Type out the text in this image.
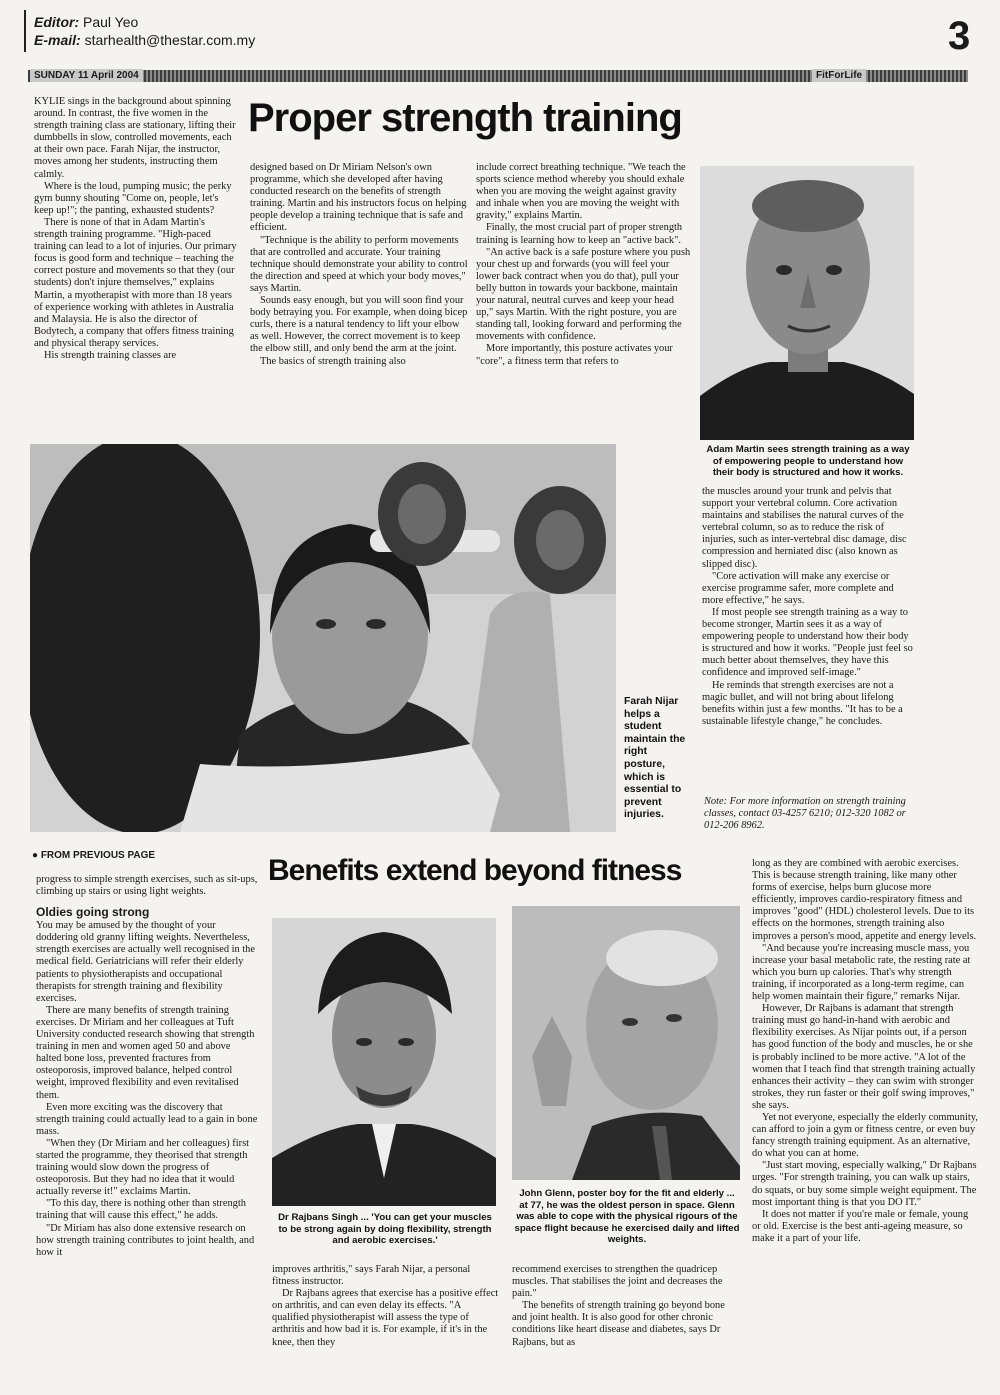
Editor: Paul Yeo
E-mail: starhealth@thestar.com.my	3
SUNDAY 11 April 2004	FitForLife
Proper strength training

KYLIE sings in the background about spinning around. In contrast, the five women in the strength training class are stationary, lifting their dumbbells in slow, controlled movements, each at their own pace. Farah Nijar, the instructor, moves among her students, instructing them calmly.

Where is the loud, pumping music; the perky gym bunny shouting "Come on, people, let's keep up!"; the panting, exhausted students?

There is none of that in Adam Martin's strength training programme. "High-paced training can lead to a lot of injuries. Our primary focus is good form and technique – teaching the correct posture and movements so that they (our students) don't injure themselves," explains Martin, a myotherapist with more than 18 years of experience working with athletes in Australia and Malaysia. He is also the director of Bodytech, a company that offers fitness training and physical therapy services.

His strength training classes are

designed based on Dr Miriam Nelson's own programme, which she developed after having conducted research on the benefits of strength training. Martin and his instructors focus on helping people develop a training technique that is safe and efficient.

"Technique is the ability to perform movements that are controlled and accurate. Your training technique should demonstrate your ability to control the direction and speed at which your body moves," says Martin.

Sounds easy enough, but you will soon find your body betraying you. For example, when doing bicep curls, there is a natural tendency to lift your elbow as well. However, the correct movement is to keep the elbow still, and only bend the arm at the joint.

The basics of strength training also

include correct breathing technique. "We teach the sports science method whereby you should exhale when you are moving the weight against gravity and inhale when you are moving the weight with gravity," explains Martin.

Finally, the most crucial part of proper strength training is learning how to keep an "active back".

"An active back is a safe posture where you push your chest up and forwards (you will feel your lower back contract when you do that), pull your belly button in towards your backbone, maintain your natural, neutral curves and keep your head up," says Martin. With the right posture, you are standing tall, looking forward and performing the movements with confidence.

More importantly, this posture activates your "core", a fitness term that refers to

Adam Martin sees strength training as a way of empowering people to understand how their body is structured and how it works.
Farah Nijar helps a student maintain the right posture, which is essential to prevent injuries.

the muscles around your trunk and pelvis that support your vertebral column. Core activation maintains and stabilises the natural curves of the vertebral column, so as to reduce the risk of injuries, such as inter-vertebral disc damage, disc compression and herniated disc (also known as slipped disc).

"Core activation will make any exercise or exercise programme safer, more complete and more effective," he says.

If most people see strength training as a way to become stronger, Martin sees it as a way of empowering people to understand how their body is structured and how it works. "People just feel so much better about themselves, they have this confidence and improved self-image."

He reminds that strength exercises are not a magic bullet, and will not bring about lifelong benefits within just a few months. "It has to be a sustainable lifestyle change," he concludes.

Note: For more information on strength training classes, contact 03-4257 6210; 012-320 1082 or 012-206 8962.

● FROM PREVIOUS PAGE	Benefits extend beyond fitness

progress to simple strength exercises, such as sit-ups, climbing up stairs or using light weights.

Oldies going strong

You may be amused by the thought of your doddering old granny lifting weights. Nevertheless, strength exercises are actually well recognised in the medical field. Geriatricians will refer their elderly patients to physiotherapists and occupational therapists for strength training and flexibility exercises.

There are many benefits of strength training exercises. Dr Miriam and her colleagues at Tuft University conducted research showing that strength training in men and women aged 50 and above halted bone loss, prevented fractures from osteoporosis, improved balance, helped control weight, improved flexibility and even revitalised them.

Even more exciting was the discovery that strength training could actually lead to a gain in bone mass.

"When they (Dr Miriam and her colleagues) first started the programme, they theorised that strength training would slow down the progress of osteoporosis. But they had no idea that it would actually reverse it!" exclaims Martin.

"To this day, there is nothing other than strength training that will cause this effect," he adds.

"Dr Miriam has also done extensive research on how strength training contributes to joint health, and how it

Dr Rajbans Singh ... 'You can get your muscles to be strong again by doing flexibility, strength and aerobic exercises.'
John Glenn, poster boy for the fit and elderly ... at 77, he was the oldest person in space. Glenn was able to cope with the physical rigours of the space flight because he exercised daily and lifted weights.

improves arthritis," says Farah Nijar, a personal fitness instructor.

Dr Rajbans agrees that exercise has a positive effect on arthritis, and can even delay its effects. "A qualified physiotherapist will assess the type of arthritis and how bad it is. For example, if it's in the knee, then they

recommend exercises to strengthen the quadricep muscles. That stabilises the joint and decreases the pain."

The benefits of strength training go beyond bone and joint health. It is also good for other chronic conditions like heart disease and diabetes, says Dr Rajbans, but as

long as they are combined with aerobic exercises. This is because strength training, like many other forms of exercise, helps burn glucose more efficiently, improves cardio-respiratory fitness and improves "good" (HDL) cholesterol levels. Due to its effects on the hormones, strength training also improves a person's mood, appetite and energy levels.

"And because you're increasing muscle mass, you increase your basal metabolic rate, the resting rate at which you burn up calories. That's why strength training, if incorporated as a long-term regime, can help women maintain their figure," remarks Nijar.

However, Dr Rajbans is adamant that strength training must go hand-in-hand with aerobic and flexibility exercises. As Nijar points out, if a person has good function of the body and muscles, he or she is probably inclined to be more active. "A lot of the women that I teach find that strength training actually enhances their activity – they can swim with stronger strokes, they run faster or their golf swing improves," she says.

Yet not everyone, especially the elderly community, can afford to join a gym or fitness centre, or even buy fancy strength training equipment. As an alternative, do what you can at home.

"Just start moving, especially walking," Dr Rajbans urges. "For strength training, you can walk up stairs, do squats, or buy some simple weight equipment. The most important thing is that you DO IT."

It does not matter if you're male or female, young or old. Exercise is the best anti-ageing measure, so make it a part of your life.
